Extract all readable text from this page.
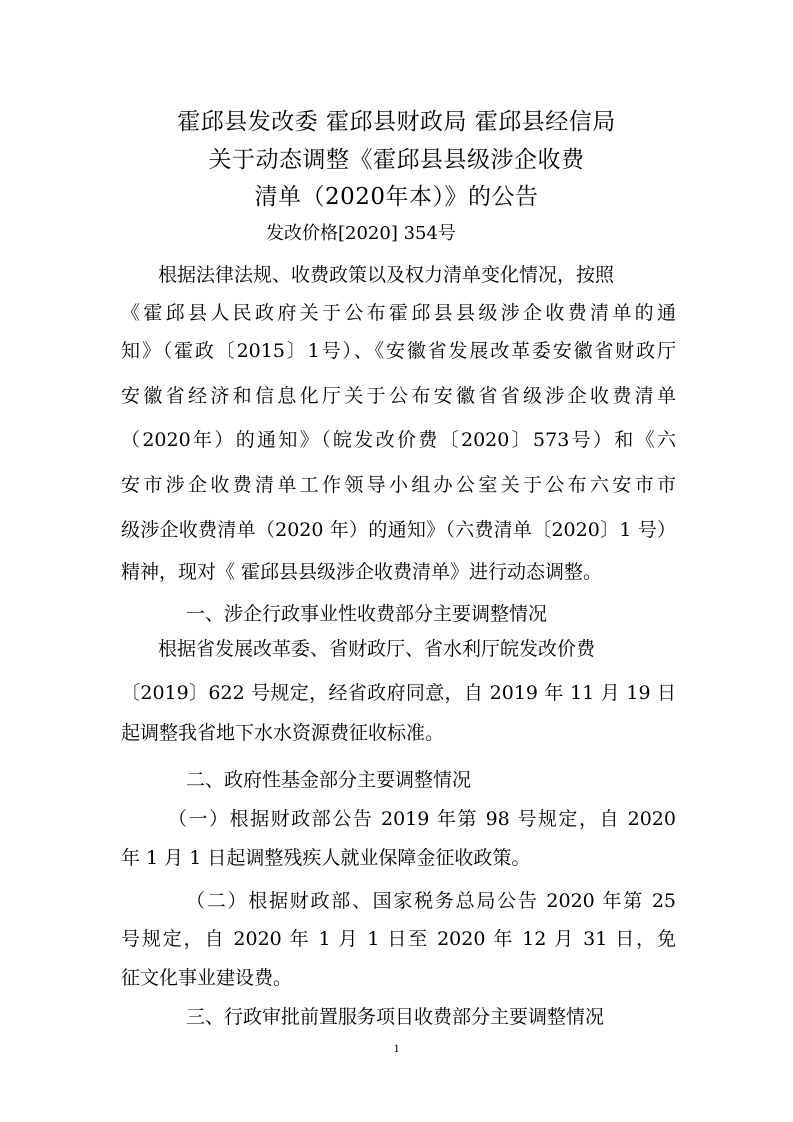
霍邱县发改委 霍邱县财政局 霍邱县经信局
关于动态调整《霍邱县县级涉企收费
清单（2020年本）》的公告
发改价格[2020] 354号
根据法律法规、收费政策以及权力清单变化情况，按照
《霍邱县人民政府关于公布霍邱县县级涉企收费清单的通
知》（霍政〔2015〕1号）、《安徽省发展改革委安徽省财政厅
安徽省经济和信息化厅关于公布安徽省省级涉企收费清单
（2020年）的通知》（皖发改价费〔2020〕573号）和《六
安市涉企收费清单工作领导小组办公室关于公布六安市市
级涉企收费清单（2020 年）的通知》（六费清单〔2020〕1 号）
精神，现对《 霍邱县县级涉企收费清单》进行动态调整。
一、涉企行政事业性收费部分主要调整情况
根据省发展改革委、省财政厅、省水利厅皖发改价费
〔2019〕622 号规定，经省政府同意，自 2019 年 11 月 19 日
起调整我省地下水水资源费征收标准。
二、政府性基金部分主要调整情况
（一）根据财政部公告 2019 年第 98 号规定，自 2020
年 1 月 1 日起调整残疾人就业保障金征收政策。
（二）根据财政部、国家税务总局公告 2020 年第 25
号规定，自 2020 年 1 月 1 日至 2020 年 12 月 31 日，免
征文化事业建设费。
三、行政审批前置服务项目收费部分主要调整情况
1
